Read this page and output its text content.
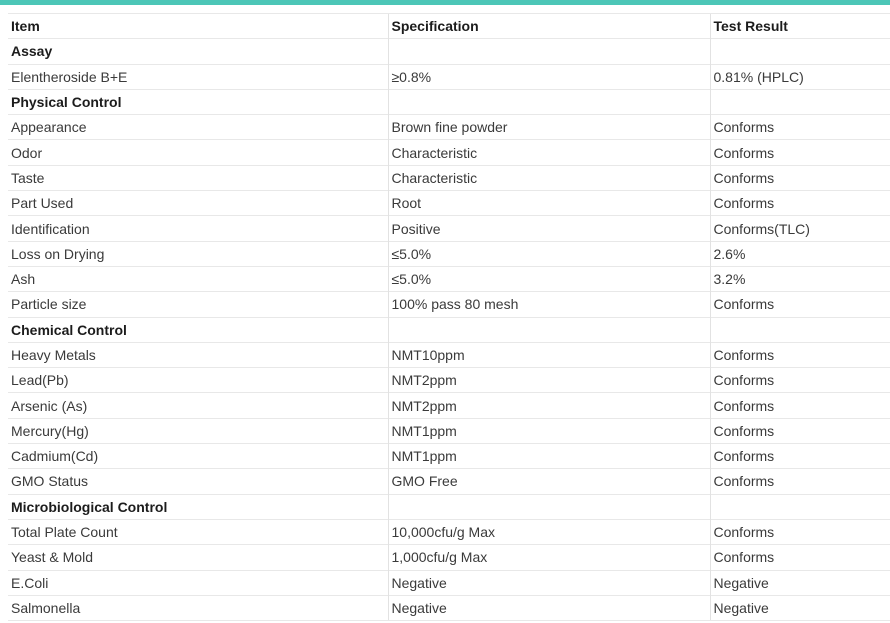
Item	Specification	Test Result
Assay		
Elentheroside B+E	≥0.8%	0.81% (HPLC)
Physical Control		
Appearance	Brown fine powder	Conforms
Odor	Characteristic	Conforms
Taste	Characteristic	Conforms
Part Used	Root	Conforms
Identification	Positive	Conforms(TLC)
Loss on Drying	≤5.0%	2.6%
Ash	≤5.0%	3.2%
Particle size	100% pass 80 mesh	Conforms
Chemical Control		
Heavy Metals	NMT10ppm	Conforms
Lead(Pb)	NMT2ppm	Conforms
Arsenic (As)	NMT2ppm	Conforms
Mercury(Hg)	NMT1ppm	Conforms
Cadmium(Cd)	NMT1ppm	Conforms
GMO Status	GMO Free	Conforms
Microbiological Control		
Total Plate Count	10,000cfu/g Max	Conforms
Yeast & Mold	1,000cfu/g Max	Conforms
E.Coli	Negative	Negative
Salmonella	Negative	Negative
